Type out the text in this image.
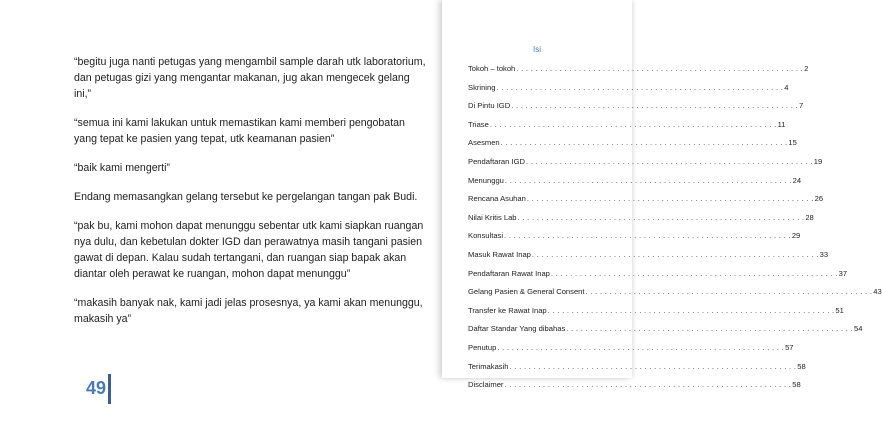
“begitu juga nanti petugas yang mengambil sample darah utk laboratorium, dan petugas gizi yang mengantar makanan, jug akan mengecek gelang ini,”

“semua ini kami lakukan untuk memastikan kami memberi pengobatan yang tepat ke pasien yang tepat, utk keamanan pasien”

“baik kami mengerti”

Endang memasangkan gelang tersebut ke pergelangan tangan pak Budi.

“pak bu, kami mohon dapat menunggu sebentar utk kami siapkan ruangan nya dulu, dan kebetulan dokter IGD dan perawatnya masih tangani pasien gawat di depan. Kalau sudah tertangani, dan ruangan siap bapak akan diantar oleh perawat ke ruangan, mohon dapat menunggu”

“makasih banyak nak, kami jadi jelas prosesnya, ya kami akan menunggu, makasih ya”

Isi
Tokoh – tokoh . . . . . . . . . . . . . . . . . . . . . . . . . . . . . . . . . . . . . . . . . . . . . . . . . . . . . . . . . . . . 2
Skrining . . . . . . . . . . . . . . . . . . . . . . . . . . . . . . . . . . . . . . . . . . . . . . . . . . . . . . . . . . . . 4
Di Pintu IGD . . . . . . . . . . . . . . . . . . . . . . . . . . . . . . . . . . . . . . . . . . . . . . . . . . . . . . . . . . . . 7
Triase . . . . . . . . . . . . . . . . . . . . . . . . . . . . . . . . . . . . . . . . . . . . . . . . . . . . . . . . . . . . 11
Asesmen . . . . . . . . . . . . . . . . . . . . . . . . . . . . . . . . . . . . . . . . . . . . . . . . . . . . . . . . . . . . 15
Pendaftaran IGD . . . . . . . . . . . . . . . . . . . . . . . . . . . . . . . . . . . . . . . . . . . . . . . . . . . . . . . . . . . . 19
Menunggu . . . . . . . . . . . . . . . . . . . . . . . . . . . . . . . . . . . . . . . . . . . . . . . . . . . . . . . . . . . . 24
Rencana Asuhan . . . . . . . . . . . . . . . . . . . . . . . . . . . . . . . . . . . . . . . . . . . . . . . . . . . . . . . . . . . . 26
Nilai Kritis Lab . . . . . . . . . . . . . . . . . . . . . . . . . . . . . . . . . . . . . . . . . . . . . . . . . . . . . . . . . . . . 28
Konsultasi . . . . . . . . . . . . . . . . . . . . . . . . . . . . . . . . . . . . . . . . . . . . . . . . . . . . . . . . . . . . 29
Masuk Rawat Inap . . . . . . . . . . . . . . . . . . . . . . . . . . . . . . . . . . . . . . . . . . . . . . . . . . . . . . . . . . . . 33
Pendaftaran Rawat Inap . . . . . . . . . . . . . . . . . . . . . . . . . . . . . . . . . . . . . . . . . . . . . . . . . . . . . . . . . . . . 37
Gelang Pasien & General Consent . . . . . . . . . . . . . . . . . . . . . . . . . . . . . . . . . . . . . . . . . . . . . . . . . . . . . . . . . . . . 43
Transfer ke Rawat Inap . . . . . . . . . . . . . . . . . . . . . . . . . . . . . . . . . . . . . . . . . . . . . . . . . . . . . . . . . . . . 51
Daftar Standar Yang dibahas . . . . . . . . . . . . . . . . . . . . . . . . . . . . . . . . . . . . . . . . . . . . . . . . . . . . . . . . . . . . 54
Penutup . . . . . . . . . . . . . . . . . . . . . . . . . . . . . . . . . . . . . . . . . . . . . . . . . . . . . . . . . . . . 57
Terimakasih . . . . . . . . . . . . . . . . . . . . . . . . . . . . . . . . . . . . . . . . . . . . . . . . . . . . . . . . . . . . 58
Disclaimer . . . . . . . . . . . . . . . . . . . . . . . . . . . . . . . . . . . . . . . . . . . . . . . . . . . . . . . . . . . . 58
49
